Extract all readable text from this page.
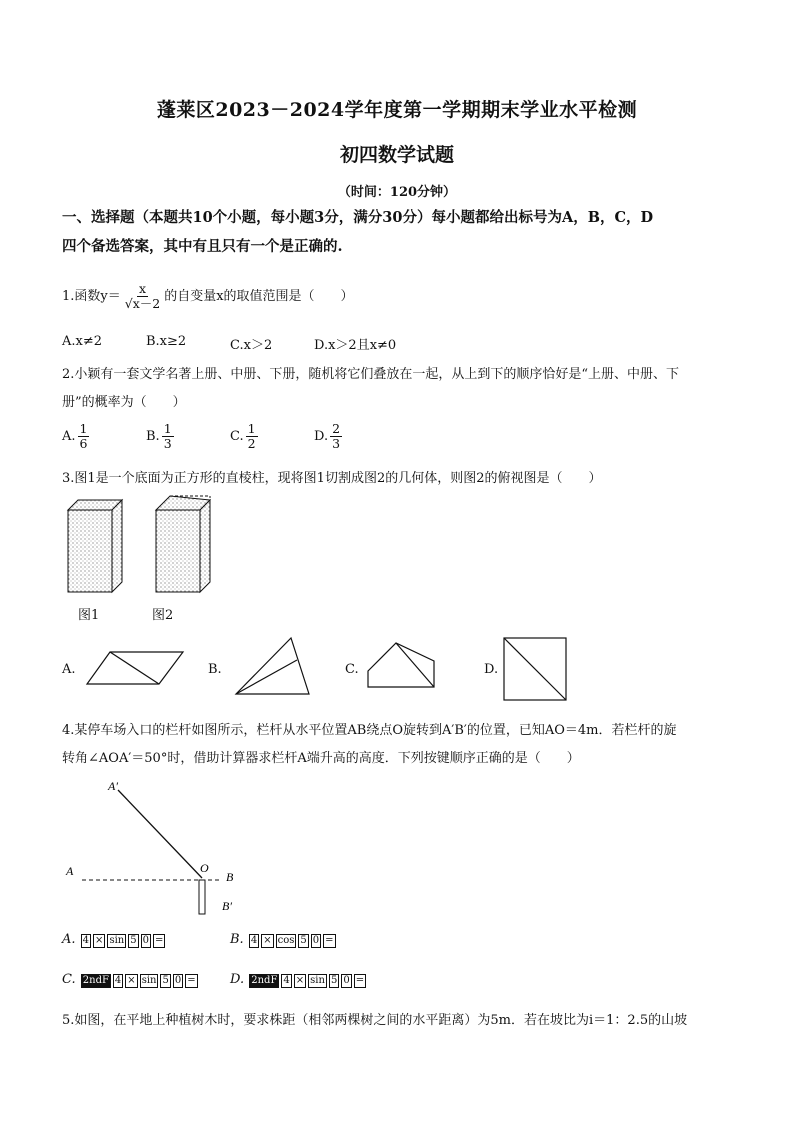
蓬莱区2023－2024学年度第一学期期末学业水平检测
初四数学试题
（时间：120分钟）
一、选择题（本题共10个小题，每小题3分，满分30分）每小题都给出标号为A，B，C，D
四个备选答案，其中有且只有一个是正确的.
1.函数$y= \frac{x}{√x-2}$ 的自变量x的取值范围是（　　）
A.x≠2	B.x≥2	C.x＞2	D.x＞2且x≠0
2.小颖有一套文学名著上册、中册、下册，随机将它们叠放在一起，从上到下的顺序恰好是“上册、中册、下
册”的概率为（　　）
A. $\frac{1}{6}$	B. $\frac{1}{3}$	C. $\frac{1}{2}$	D. $\frac{2}{3}$
3.图1是一个底面为正方形的直棱柱，现将图1切割成图2的几何体，则图2的俯视图是（　　）
图1	图2
A.	B.	C.	D.
4.某停车场入口的栏杆如图所示，栏杆从水平位置AB绕点O旋转到A′B′的位置，已知AO＝4m．若栏杆的旋
转角∠AOA′＝50°时，借助计算器求栏杆A端升高的高度．下列按键顺序正确的是（　　）
A′
A	O
B
B′
A. 4 × sin 5 0 =	B. 4 × cos 5 0 =
C. 2ndF 4 × sin 5 0 =	D. 2ndF 4 × sin 5 0 =
5.如图，在平地上种植树木时，要求株距（相邻两棵树之间的水平距离）为5m．若在坡比为i＝1：2.5的山坡
